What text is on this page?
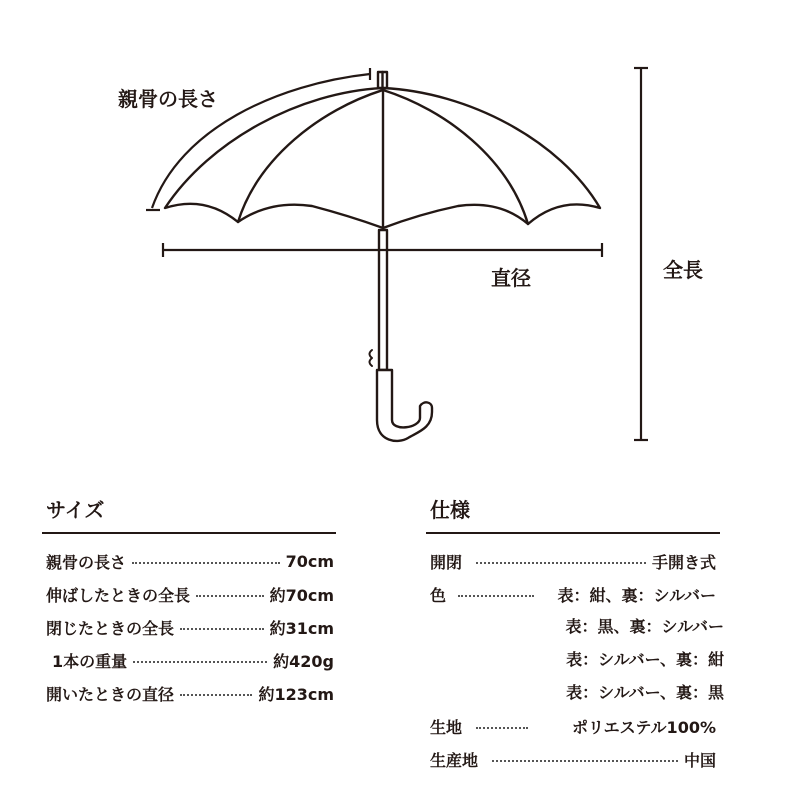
親骨の長さ
直径	全長
サイズ
親骨の長さ	70cm
伸ばしたときの全長	約70cm
閉じたときの全長	約31cm
1本の重量	約420g
開いたときの直径	約123cm
仕様
開閉	手開き式
色	表：紺、裏：シルバー
表：黒、裏：シルバー
表：シルバー、裏：紺
表：シルバー、裏：黒
生地	ポリエステル100%
生産地	中国
